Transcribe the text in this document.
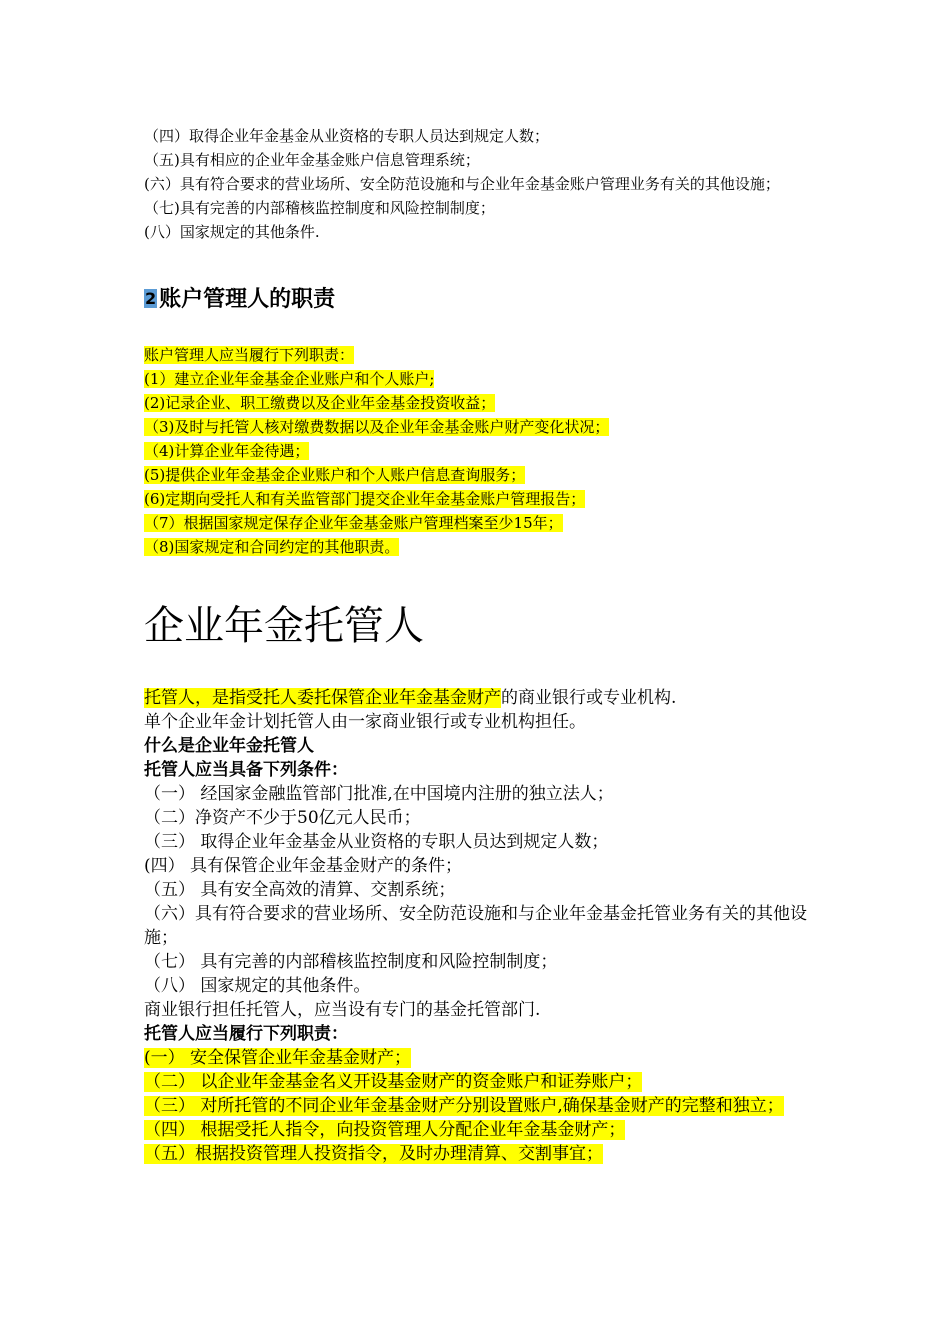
（四）取得企业年金基金从业资格的专职人员达到规定人数；
（五)具有相应的企业年金基金账户信息管理系统；
(六）具有符合要求的营业场所、安全防范设施和与企业年金基金账户管理业务有关的其他设施；
（七)具有完善的内部稽核监控制度和风险控制制度；
(八）国家规定的其他条件.
2 账户管理人的职责
账户管理人应当履行下列职责：
(1）建立企业年金基金企业账户和个人账户;
(2)记录企业、职工缴费以及企业年金基金投资收益；
（3)及时与托管人核对缴费数据以及企业年金基金账户财产变化状况；
（4)计算企业年金待遇；
(5)提供企业年金基金企业账户和个人账户信息查询服务；
(6)定期向受托人和有关监管部门提交企业年金基金账户管理报告；
（7）根据国家规定保存企业年金基金账户管理档案至少15年；
（8)国家规定和合同约定的其他职责。
企业年金托管人
托管人，是指受托人委托保管企业年金基金财产的商业银行或专业机构.
单个企业年金计划托管人由一家商业银行或专业机构担任。
什么是企业年金托管人
托管人应当具备下列条件：
（一） 经国家金融监管部门批准,在中国境内注册的独立法人；
（二）净资产不少于50亿元人民币；
（三） 取得企业年金基金从业资格的专职人员达到规定人数；
(四） 具有保管企业年金基金财产的条件；
（五） 具有安全高效的清算、交割系统；
（六）具有符合要求的营业场所、安全防范设施和与企业年金基金托管业务有关的其他设施；
（七） 具有完善的内部稽核监控制度和风险控制制度；
（八） 国家规定的其他条件。
商业银行担任托管人，应当设有专门的基金托管部门.
托管人应当履行下列职责：
(一） 安全保管企业年金基金财产；
（二） 以企业年金基金名义开设基金财产的资金账户和证券账户；
（三） 对所托管的不同企业年金基金财产分别设置账户,确保基金财产的完整和独立；
（四） 根据受托人指令，向投资管理人分配企业年金基金财产；
（五）根据投资管理人投资指令，及时办理清算、交割事宜；
